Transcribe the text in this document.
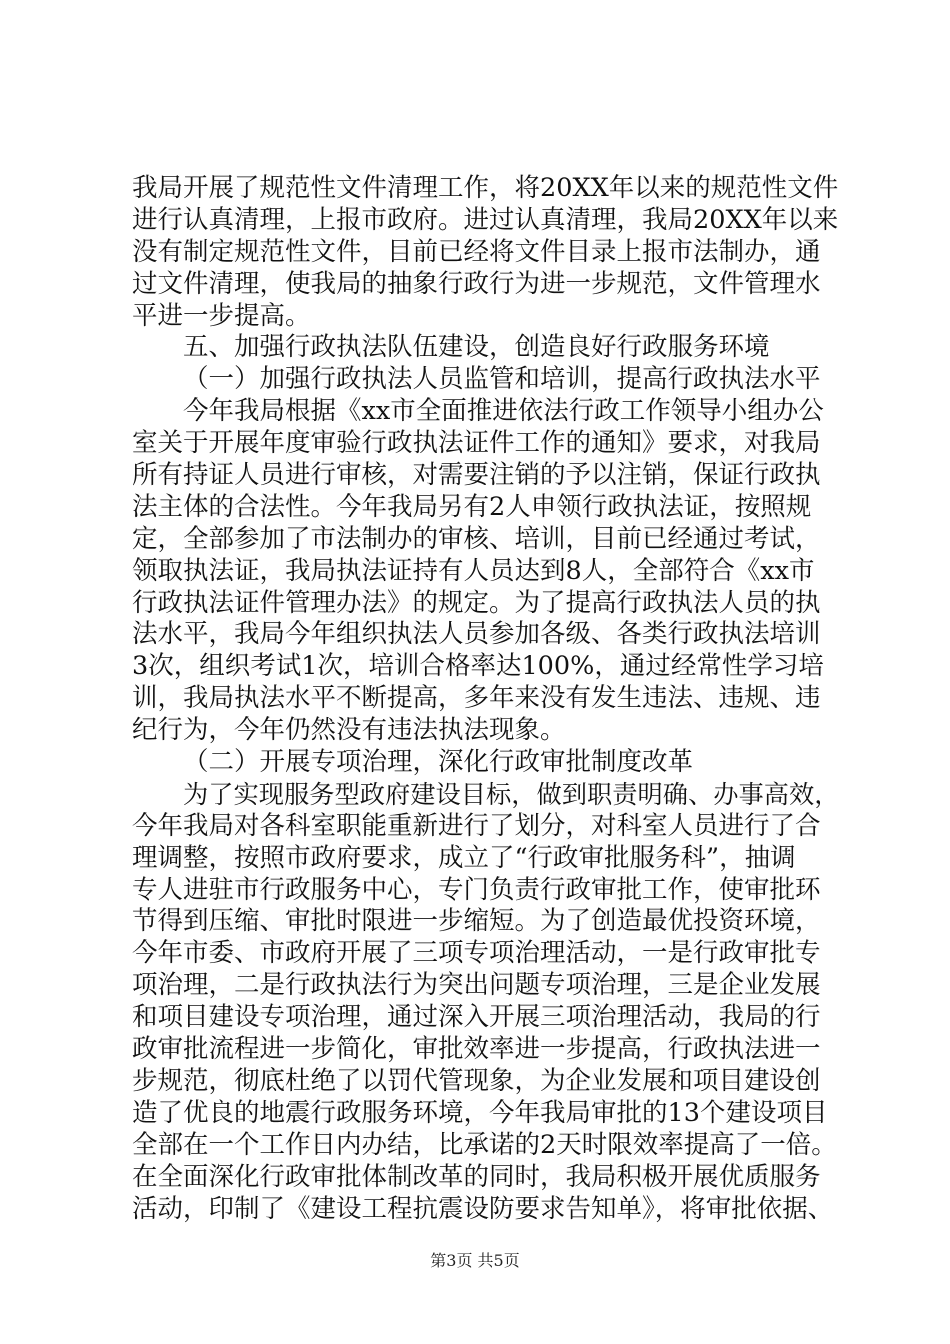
我局开展了规范性文件清理工作，将20XX年以来的规范性文件
进行认真清理，上报市政府。进过认真清理，我局20XX年以来
没有制定规范性文件，目前已经将文件目录上报市法制办，通
过文件清理，使我局的抽象行政行为进一步规范，文件管理水
平进一步提高。
五、加强行政执法队伍建设，创造良好行政服务环境
（一）加强行政执法人员监管和培训，提高行政执法水平
今年我局根据《xx市全面推进依法行政工作领导小组办公
室关于开展年度审验行政执法证件工作的通知》要求，对我局
所有持证人员进行审核，对需要注销的予以注销，保证行政执
法主体的合法性。今年我局另有2人申领行政执法证，按照规
定，全部参加了市法制办的审核、培训，目前已经通过考试，
领取执法证，我局执法证持有人员达到8人，全部符合《xx市
行政执法证件管理办法》的规定。为了提高行政执法人员的执
法水平，我局今年组织执法人员参加各级、各类行政执法培训
3次，组织考试1次，培训合格率达100%，通过经常性学习培
训，我局执法水平不断提高，多年来没有发生违法、违规、违
纪行为，今年仍然没有违法执法现象。
（二）开展专项治理，深化行政审批制度改革
为了实现服务型政府建设目标，做到职责明确、办事高效，
今年我局对各科室职能重新进行了划分，对科室人员进行了合
理调整，按照市政府要求，成立了“行政审批服务科”，抽调
专人进驻市行政服务中心，专门负责行政审批工作，使审批环
节得到压缩、审批时限进一步缩短。为了创造最优投资环境，
今年市委、市政府开展了三项专项治理活动，一是行政审批专
项治理，二是行政执法行为突出问题专项治理，三是企业发展
和项目建设专项治理，通过深入开展三项治理活动，我局的行
政审批流程进一步简化，审批效率进一步提高，行政执法进一
步规范，彻底杜绝了以罚代管现象，为企业发展和项目建设创
造了优良的地震行政服务环境，今年我局审批的13个建设项目
全部在一个工作日内办结，比承诺的2天时限效率提高了一倍。
在全面深化行政审批体制改革的同时，我局积极开展优质服务
活动，印制了《建设工程抗震设防要求告知单》，将审批依据、
第3页 共5页
